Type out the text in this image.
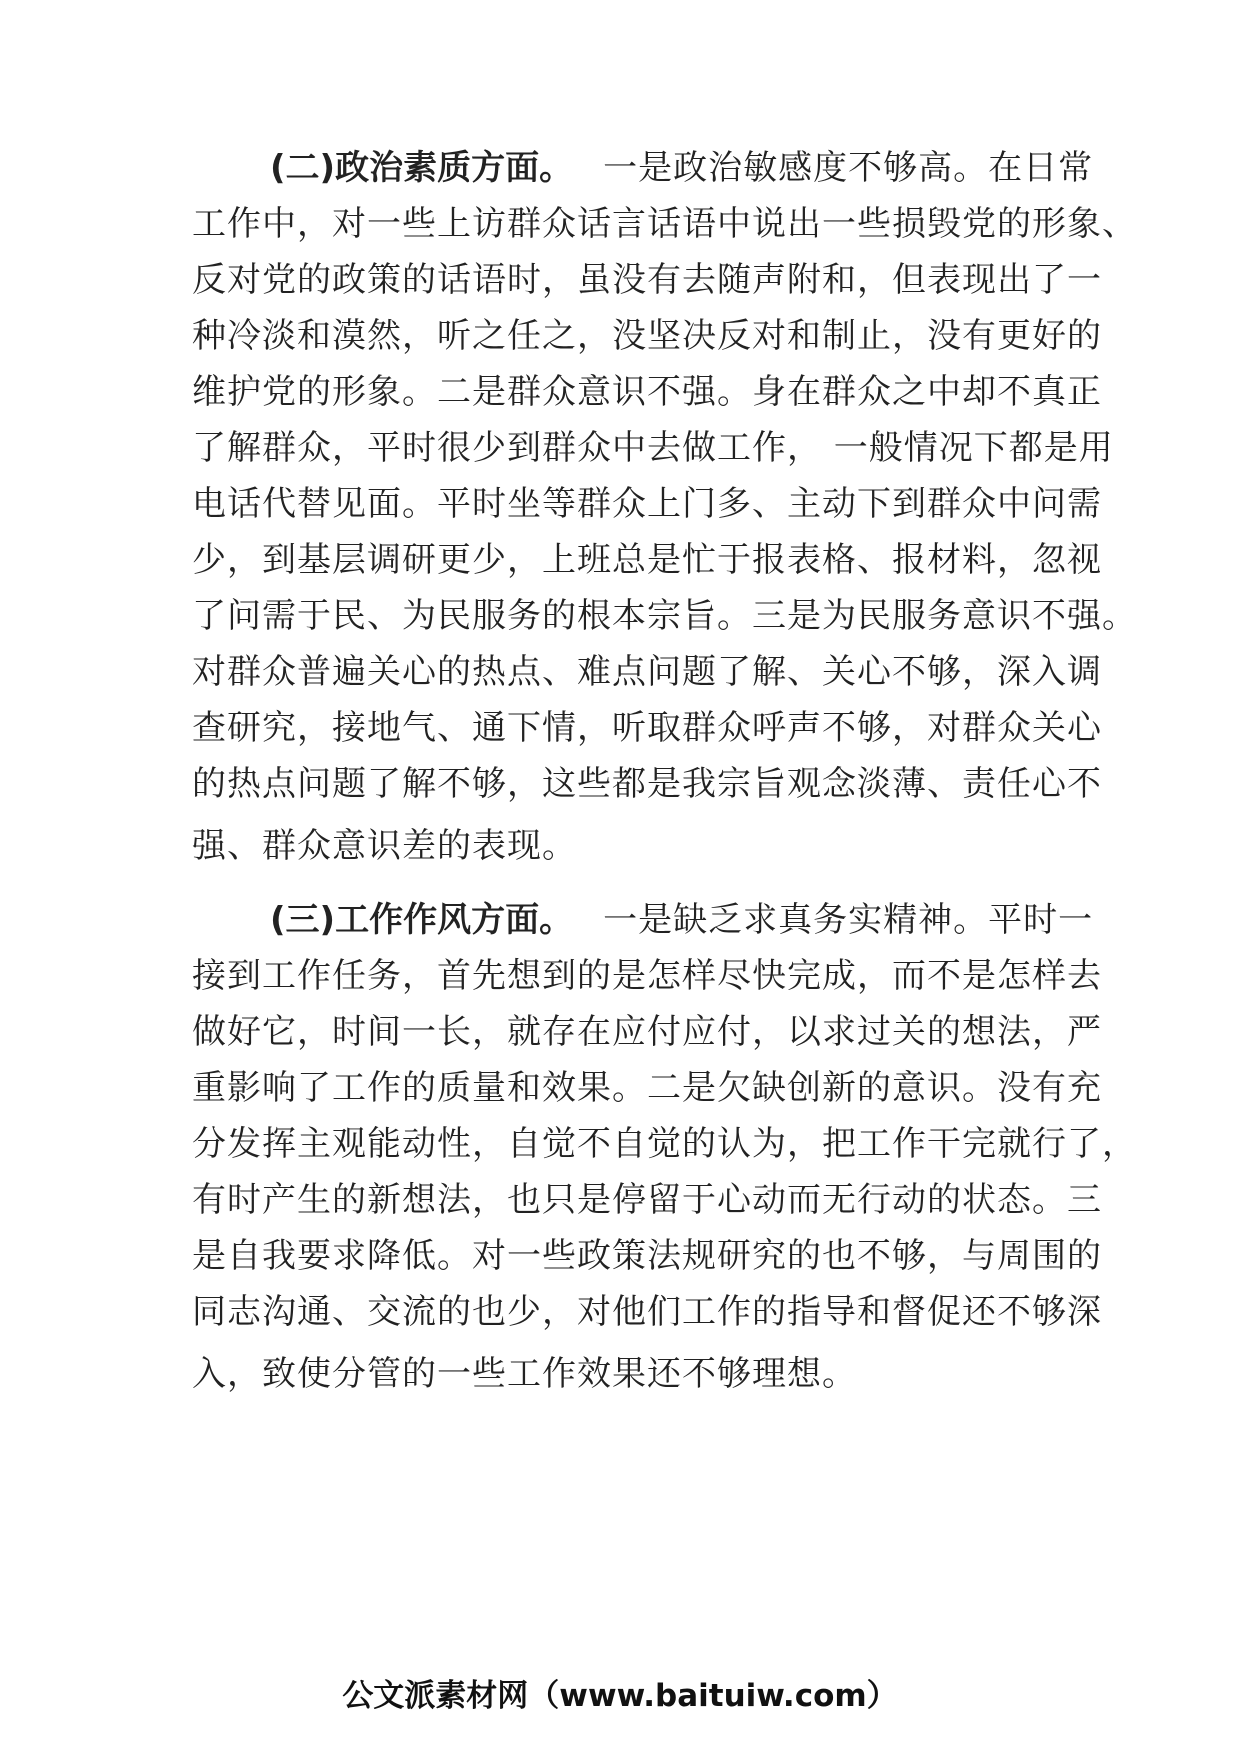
(二)政治素质方面。 一是政治敏感度不够高。在日常
工作中，对一些上访群众话言话语中说出一些损毁党的形象、
反对党的政策的话语时，虽没有去随声附和，但表现出了一
种冷淡和漠然，听之任之，没坚决反对和制止，没有更好的
维护党的形象。二是群众意识不强。身在群众之中却不真正
了解群众，平时很少到群众中去做工作， 一般情况下都是用
电话代替见面。平时坐等群众上门多、主动下到群众中问需
少，到基层调研更少，上班总是忙于报表格、报材料，忽视
了问需于民、为民服务的根本宗旨。三是为民服务意识不强。
对群众普遍关心的热点、难点问题了解、关心不够，深入调
查研究，接地气、通下情，听取群众呼声不够，对群众关心
的热点问题了解不够，这些都是我宗旨观念淡薄、责任心不
强、群众意识差的表现。
(三)工作作风方面。 一是缺乏求真务实精神。平时一
接到工作任务，首先想到的是怎样尽快完成，而不是怎样去
做好它，时间一长，就存在应付应付，以求过关的想法，严
重影响了工作的质量和效果。二是欠缺创新的意识。没有充
分发挥主观能动性，自觉不自觉的认为，把工作干完就行了，
有时产生的新想法，也只是停留于心动而无行动的状态。三
是自我要求降低。对一些政策法规研究的也不够，与周围的
同志沟通、交流的也少，对他们工作的指导和督促还不够深
入，致使分管的一些工作效果还不够理想。
公文派素材网（www.baituiw.com）
